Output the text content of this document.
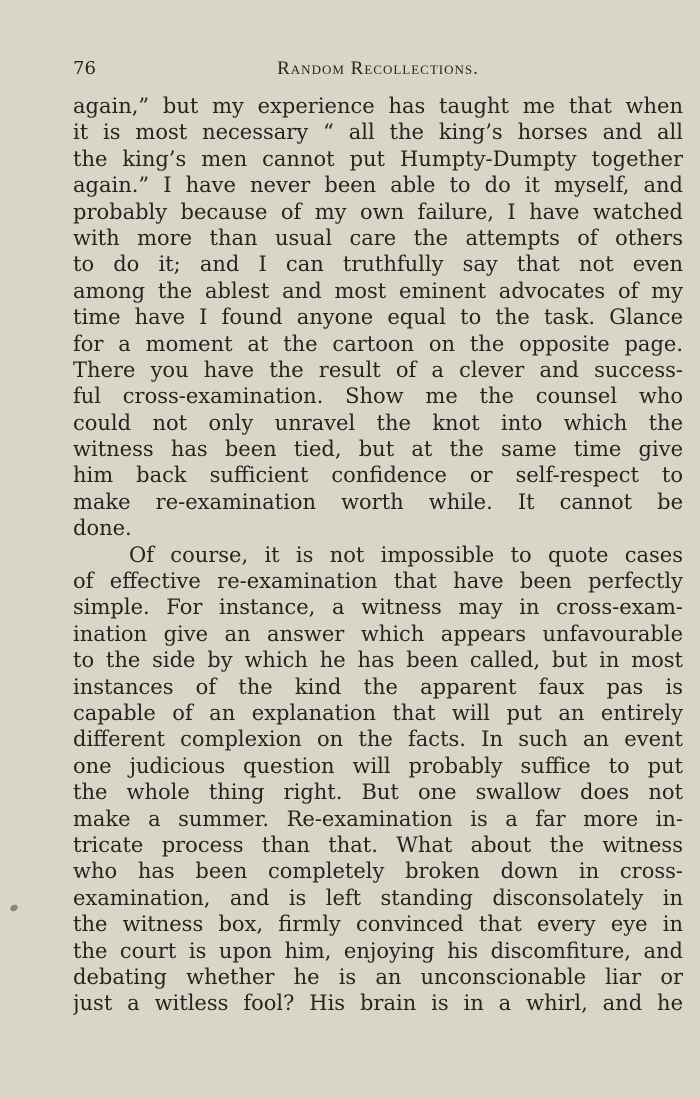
76	Random Recollections.
again,” but my experience has taught me that when
it is most necessary “ all the king’s horses and all
the king’s men cannot put Humpty-Dumpty together
again.” I have never been able to do it myself, and
probably because of my own failure, I have watched
with more than usual care the attempts of others
to do it; and I can truthfully say that not even
among the ablest and most eminent advocates of my
time have I found anyone equal to the task. Glance
for a moment at the cartoon on the opposite page.
There you have the result of a clever and success-
ful cross-examination. Show me the counsel who
could not only unravel the knot into which the
witness has been tied, but at the same time give
him back sufficient confidence or self-respect to
make re-examination worth while. It cannot be
done.
Of course, it is not impossible to quote cases
of effective re-examination that have been perfectly
simple. For instance, a witness may in cross-exam-
ination give an answer which appears unfavourable
to the side by which he has been called, but in most
instances of the kind the apparent faux pas is
capable of an explanation that will put an entirely
different complexion on the facts. In such an event
one judicious question will probably suffice to put
the whole thing right. But one swallow does not
make a summer. Re-examination is a far more in-
tricate process than that. What about the witness
who has been completely broken down in cross-
examination, and is left standing disconsolately in
the witness box, firmly convinced that every eye in
the court is upon him, enjoying his discomfiture, and
debating whether he is an unconscionable liar or
just a witless fool? His brain is in a whirl, and he
